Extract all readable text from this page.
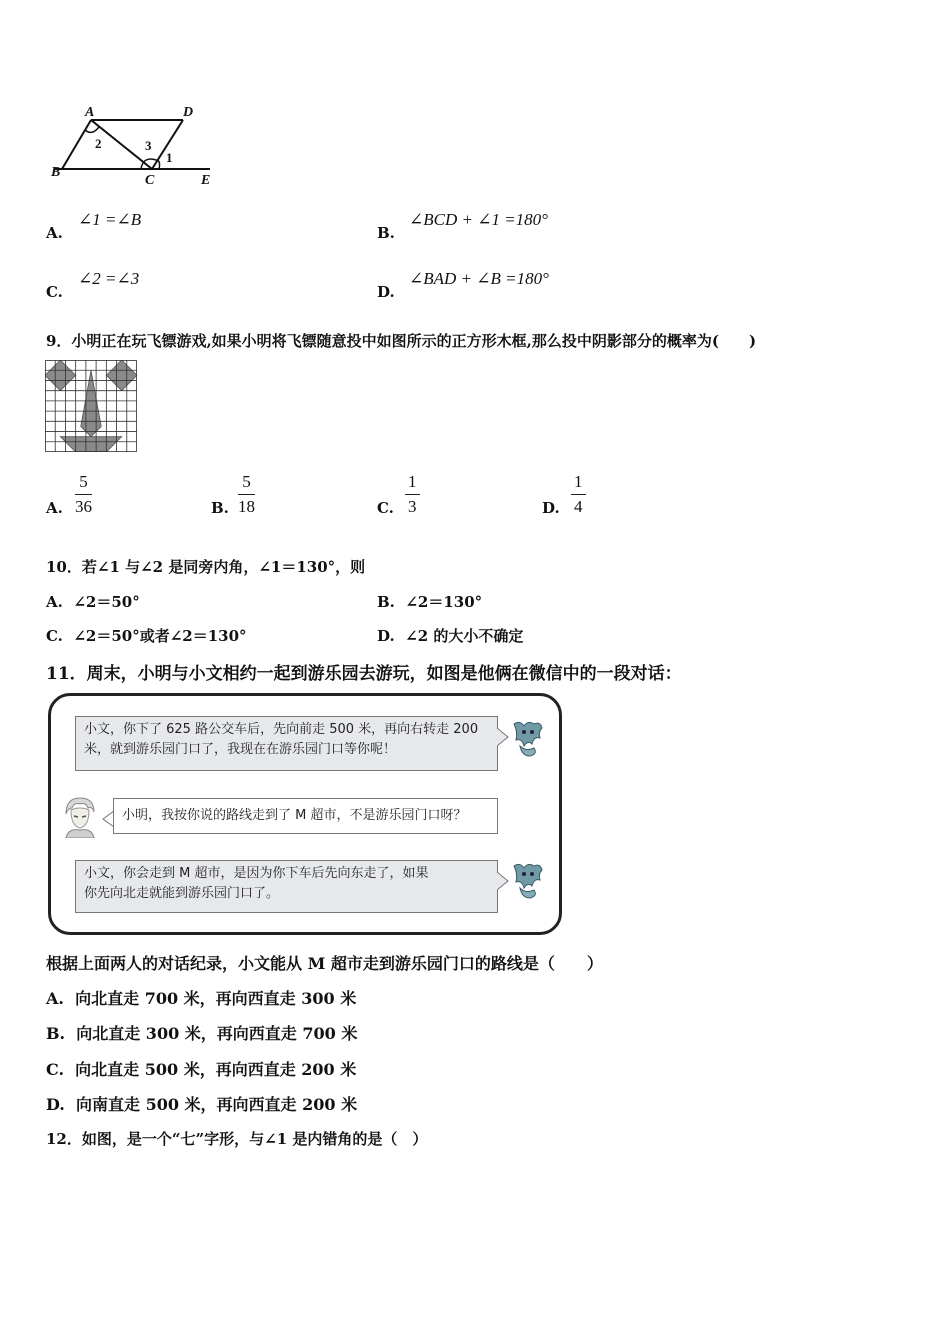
A	D
B
C	E
2	3
1
A.
∠1 =∠B
B.
∠BCD + ∠1 =180°
C.
∠2 =∠3
D.
∠BAD + ∠B =180°
9．小明正在玩飞镖游戏,如果小明将飞镖随意投中如图所示的正方形木框,那么投中阴影部分的概率为(　　)
A. $\frac{5}{36}$	B. $\frac{5}{18}$	C. $\frac{1}{3}$	D. $\frac{1}{4}$
10．若∠1 与∠2 是同旁内角，∠1＝130°，则
A. ∠2＝50°	B. ∠2＝130°
C. ∠2＝50°或者∠2＝130°	D. ∠2 的大小不确定
11．周末，小明与小文相约一起到游乐园去游玩，如图是他俩在微信中的一段对话：
小文，你下了 625 路公交车后，先向前走 500 米，再向右转走 200
米，就到游乐园门口了，我现在在游乐园门口等你呢！
小明，我按你说的路线走到了 M 超市，不是游乐园门口呀？
小文，你会走到 M 超市，是因为你下车后先向东走了，如果
你先向北走就能到游乐园门口了。
根据上面两人的对话纪录，小文能从 M 超市走到游乐园门口的路线是（　　）
A. 向北直走 700 米，再向西直走 300 米
B. 向北直走 300 米，再向西直走 700 米
C. 向北直走 500 米，再向西直走 200 米
D. 向南直走 500 米，再向西直走 200 米
12．如图，是一个“七”字形，与∠1 是内错角的是（　）
